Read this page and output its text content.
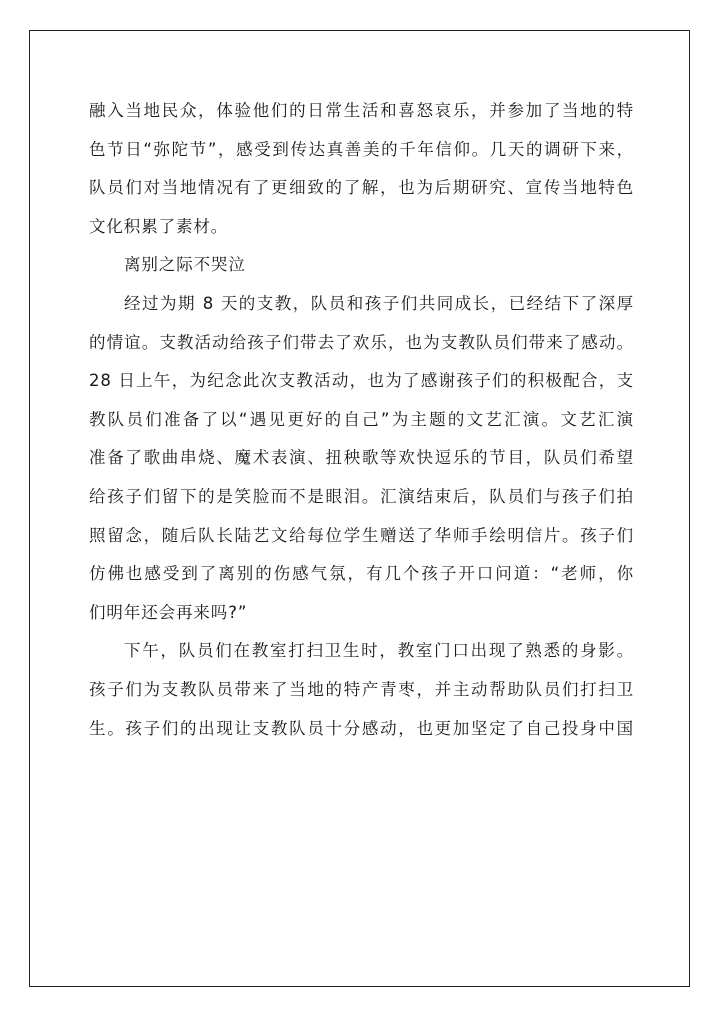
融入当地民众，体验他们的日常生活和喜怒哀乐，并参加了当地的特
色节日“弥陀节”，感受到传达真善美的千年信仰。几天的调研下来，
队员们对当地情况有了更细致的了解，也为后期研究、宣传当地特色
文化积累了素材。
离别之际不哭泣
经过为期 8 天的支教，队员和孩子们共同成长，已经结下了深厚
的情谊。支教活动给孩子们带去了欢乐，也为支教队员们带来了感动。
28 日上午，为纪念此次支教活动，也为了感谢孩子们的积极配合，支
教队员们准备了以“遇见更好的自己”为主题的文艺汇演。文艺汇演
准备了歌曲串烧、魔术表演、扭秧歌等欢快逗乐的节目，队员们希望
给孩子们留下的是笑脸而不是眼泪。汇演结束后，队员们与孩子们拍
照留念，随后队长陆艺文给每位学生赠送了华师手绘明信片。孩子们
仿佛也感受到了离别的伤感气氛，有几个孩子开口问道：“老师，你
们明年还会再来吗?”
下午，队员们在教室打扫卫生时，教室门口出现了熟悉的身影。
孩子们为支教队员带来了当地的特产青枣，并主动帮助队员们打扫卫
生。孩子们的出现让支教队员十分感动，也更加坚定了自己投身中国
